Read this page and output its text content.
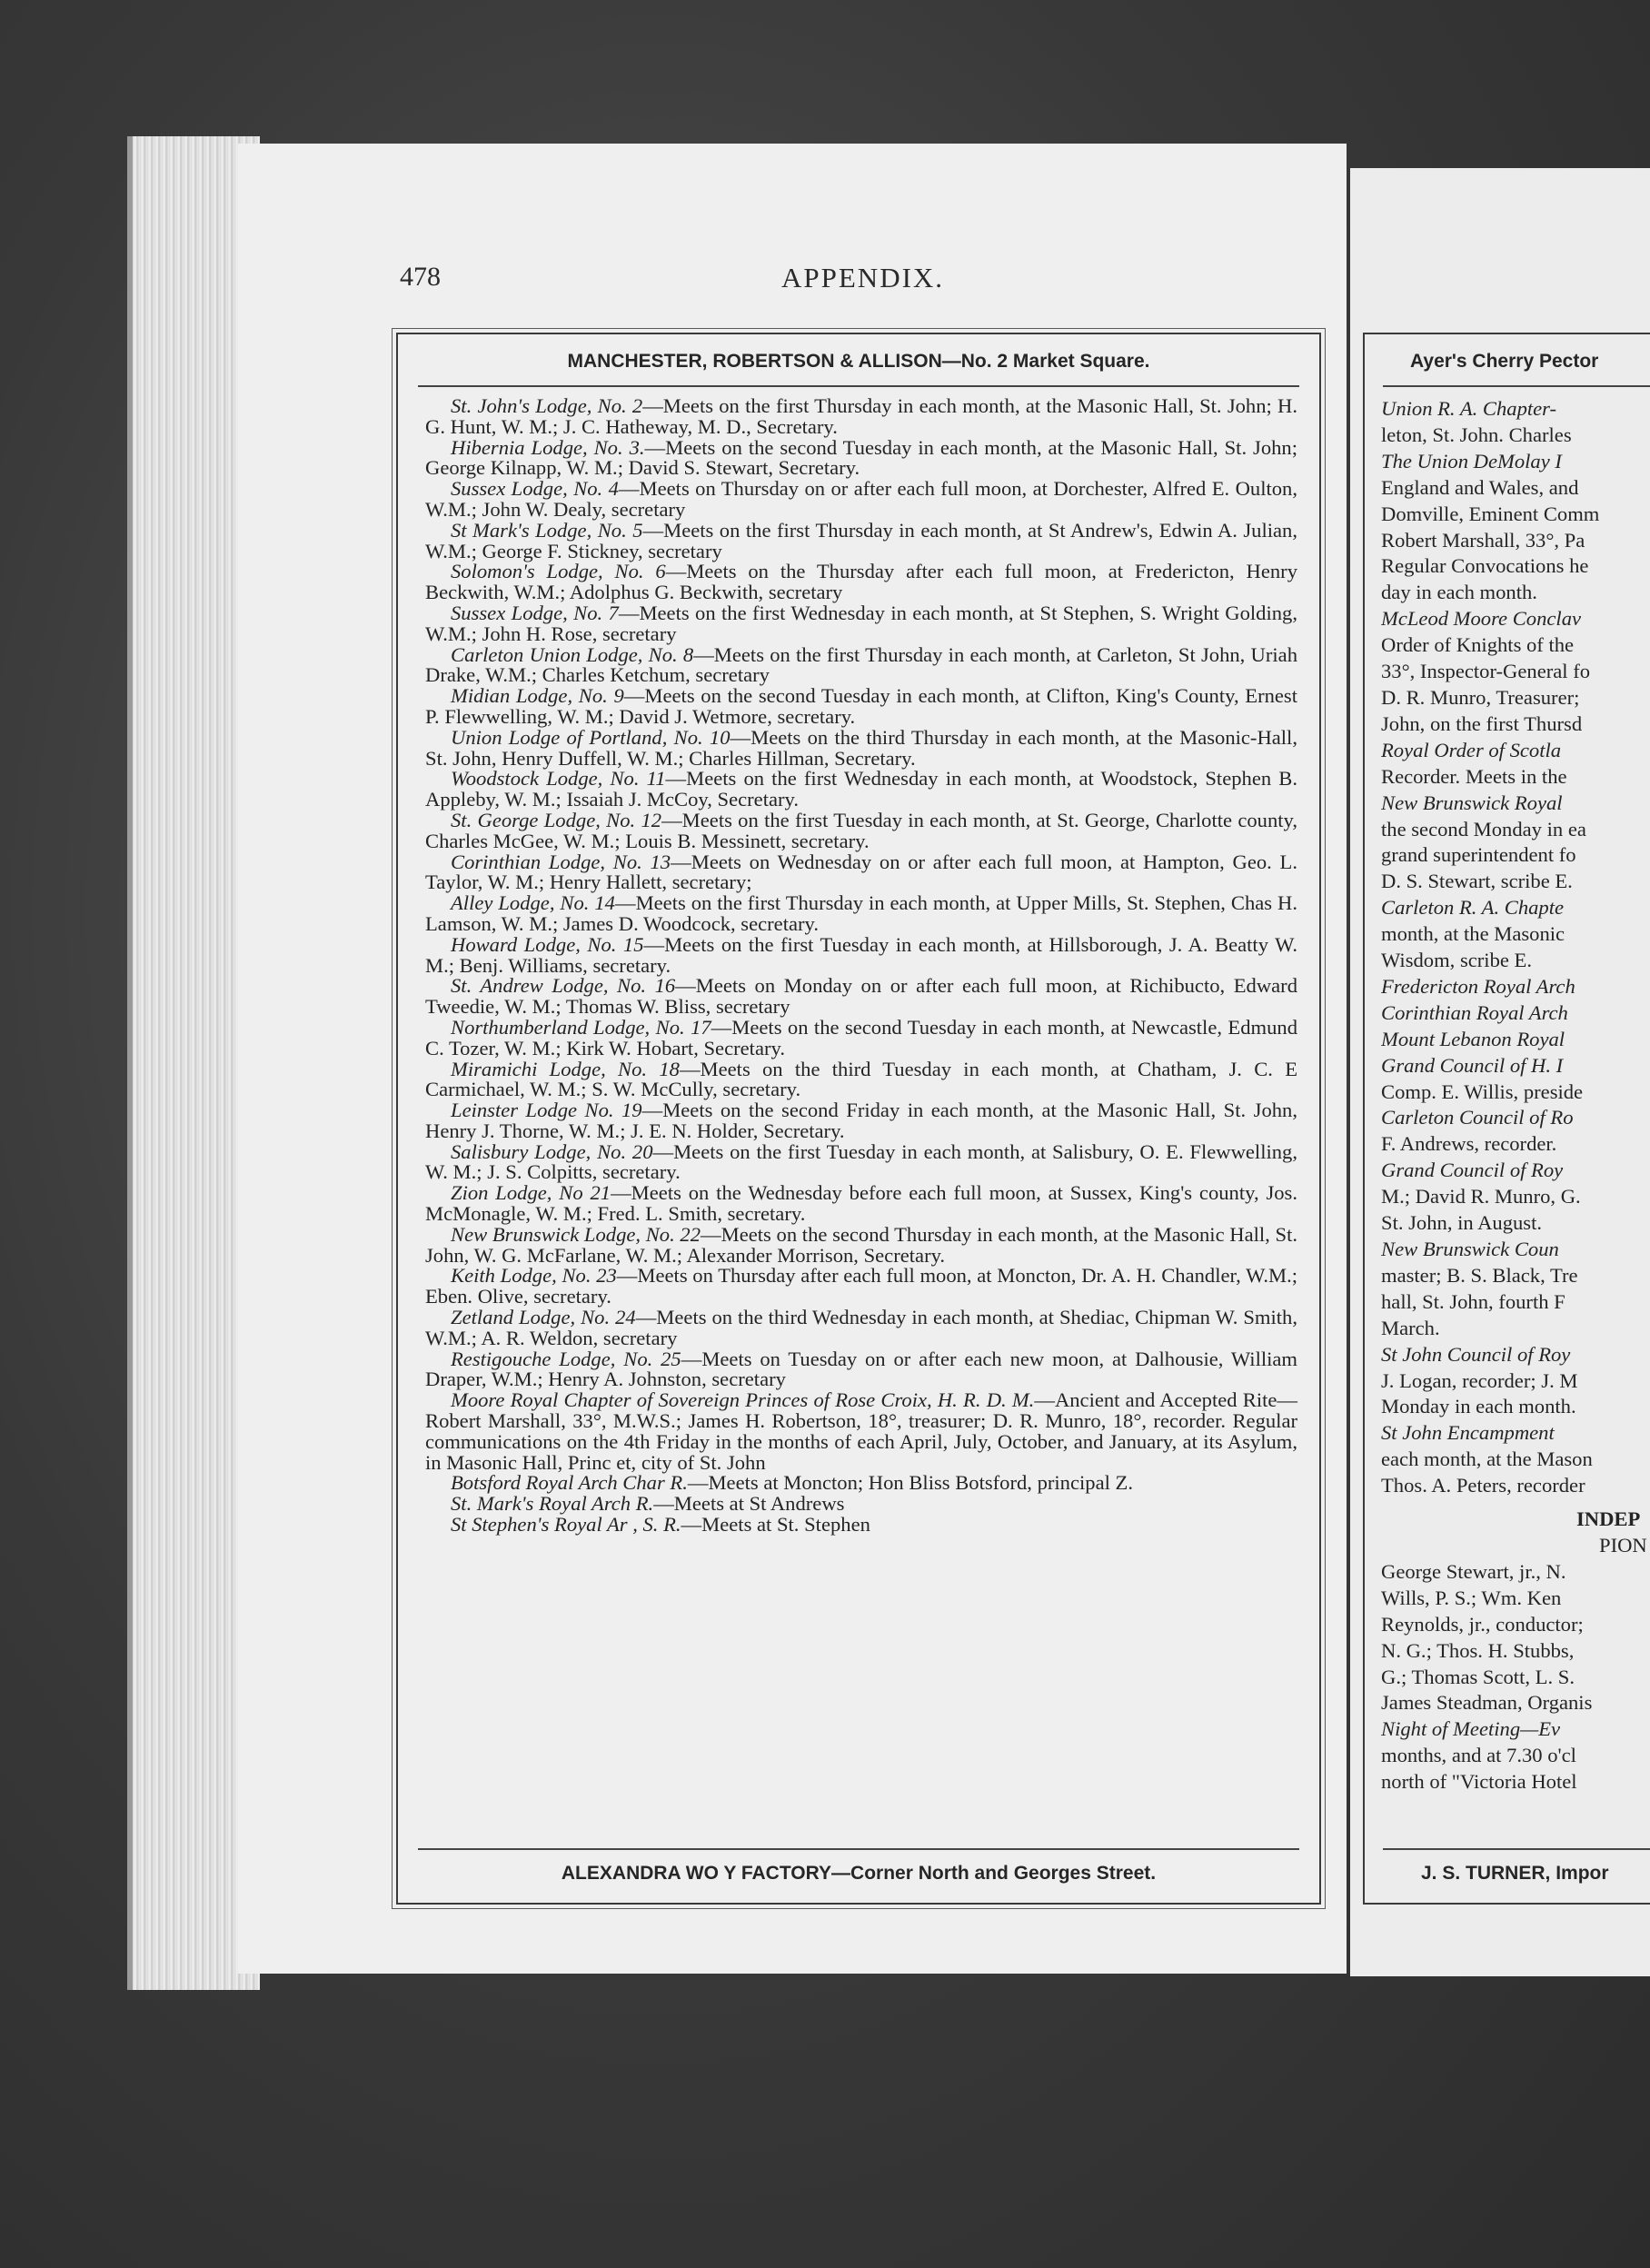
478	APPENDIX.
MANCHESTER, ROBERTSON & ALLISON—No. 2 Market Square.

St. John's Lodge, No. 2—Meets on the first Thursday in each month, at the Masonic Hall, St. John; H. G. Hunt, W. M.; J. C. Hatheway, M. D., Secretary.

Hibernia Lodge, No. 3.—Meets on the second Tuesday in each month, at the Masonic Hall, St. John; George Kilnapp, W. M.; David S. Stewart, Secretary.

Sussex Lodge, No. 4—Meets on Thursday on or after each full moon, at Dorchester, Alfred E. Oulton, W.M.; John W. Dealy, secretary

St Mark's Lodge, No. 5—Meets on the first Thursday in each month, at St Andrew's, Edwin A. Julian, W.M.; George F. Stickney, secretary

Solomon's Lodge, No. 6—Meets on the Thursday after each full moon, at Fredericton, Henry Beckwith, W.M.; Adolphus G. Beckwith, secretary

Sussex Lodge, No. 7—Meets on the first Wednesday in each month, at St Stephen, S. Wright Golding, W.M.; John H. Rose, secretary

Carleton Union Lodge, No. 8—Meets on the first Thursday in each month, at Carleton, St John, Uriah Drake, W.M.; Charles Ketchum, secretary

Midian Lodge, No. 9—Meets on the second Tuesday in each month, at Clifton, King's County, Ernest P. Flewwelling, W. M.; David J. Wetmore, secretary.

Union Lodge of Portland, No. 10—Meets on the third Thursday in each month, at the Masonic-Hall, St. John, Henry Duffell, W. M.; Charles Hillman, Secretary.

Woodstock Lodge, No. 11—Meets on the first Wednesday in each month, at Woodstock, Stephen B. Appleby, W. M.; Issaiah J. McCoy, Secretary.

St. George Lodge, No. 12—Meets on the first Tuesday in each month, at St. George, Charlotte county, Charles McGee, W. M.; Louis B. Messinett, secretary.

Corinthian Lodge, No. 13—Meets on Wednesday on or after each full moon, at Hampton, Geo. L. Taylor, W. M.; Henry Hallett, secretary;

Alley Lodge, No. 14—Meets on the first Thursday in each month, at Upper Mills, St. Stephen, Chas H. Lamson, W. M.; James D. Woodcock, secretary.

Howard Lodge, No. 15—Meets on the first Tuesday in each month, at Hillsborough, J. A. Beatty W. M.; Benj. Williams, secretary.

St. Andrew Lodge, No. 16—Meets on Monday on or after each full moon, at Richibucto, Edward Tweedie, W. M.; Thomas W. Bliss, secretary

Northumberland Lodge, No. 17—Meets on the second Tuesday in each month, at Newcastle, Edmund C. Tozer, W. M.; Kirk W. Hobart, Secretary.

Miramichi Lodge, No. 18—Meets on the third Tuesday in each month, at Chatham, J. C. E Carmichael, W. M.; S. W. McCully, secretary.

Leinster Lodge No. 19—Meets on the second Friday in each month, at the Masonic Hall, St. John, Henry J. Thorne, W. M.; J. E. N. Holder, Secretary.

Salisbury Lodge, No. 20—Meets on the first Tuesday in each month, at Salisbury, O. E. Flewwelling, W. M.; J. S. Colpitts, secretary.

Zion Lodge, No 21—Meets on the Wednesday before each full moon, at Sussex, King's county, Jos. McMonagle, W. M.; Fred. L. Smith, secretary.

New Brunswick Lodge, No. 22—Meets on the second Thursday in each month, at the Masonic Hall, St. John, W. G. McFarlane, W. M.; Alexander Morrison, Secretary.

Keith Lodge, No. 23—Meets on Thursday after each full moon, at Moncton, Dr. A. H. Chandler, W.M.; Eben. Olive, secretary.

Zetland Lodge, No. 24—Meets on the third Wednesday in each month, at Shediac, Chipman W. Smith, W.M.; A. R. Weldon, secretary

Restigouche Lodge, No. 25—Meets on Tuesday on or after each new moon, at Dalhousie, William Draper, W.M.; Henry A. Johnston, secretary

Moore Royal Chapter of Sovereign Princes of Rose Croix, H. R. D. M.—Ancient and Accepted Rite—Robert Marshall, 33°, M.W.S.; James H. Robertson, 18°, treasurer; D. R. Munro, 18°, recorder. Regular communications on the 4th Friday in the months of each April, July, October, and January, at its Asylum, in Masonic Hall, Princ et, city of St. John

Botsford Royal Arch Char R.—Meets at Moncton; Hon Bliss Botsford, principal Z.

St. Mark's Royal Arch R.—Meets at St Andrews

St Stephen's Royal Ar , S. R.—Meets at St. Stephen

ALEXANDRA WO Y FACTORY—Corner North and Georges Street.
Ayer's Cherry Pector
Union R. A. Chapter-
leton, St. John. Charles
The Union DeMolay I
England and Wales, and
Domville, Eminent Comm
Robert Marshall, 33°, Pa
Regular Convocations he
day in each month.
McLeod Moore Conclav
Order of Knights of the
33°, Inspector-General fo
D. R. Munro, Treasurer;
John, on the first Thursd
Royal Order of Scotla
Recorder. Meets in the
New Brunswick Royal
the second Monday in ea
grand superintendent fo
D. S. Stewart, scribe E.
Carleton R. A. Chapte
month, at the Masonic
Wisdom, scribe E.
Fredericton Royal Arch
Corinthian Royal Arch
Mount Lebanon Royal
Grand Council of H. I
Comp. E. Willis, preside
Carleton Council of Ro
F. Andrews, recorder.
Grand Council of Roy
M.; David R. Munro, G.
St. John, in August.
New Brunswick Coun
master; B. S. Black, Tre
hall, St. John, fourth F
March.
St John Council of Roy
J. Logan, recorder; J. M
Monday in each month.
St John Encampment
each month, at the Mason
Thos. A. Peters, recorder
INDEP
PION
George Stewart, jr., N.
Wills, P. S.; Wm. Ken
Reynolds, jr., conductor;
N. G.; Thos. H. Stubbs,
G.; Thomas Scott, L. S.
James Steadman, Organis
Night of Meeting—Ev
months, and at 7.30 o'cl
north of "Victoria Hotel
J. S. TURNER, Impor
